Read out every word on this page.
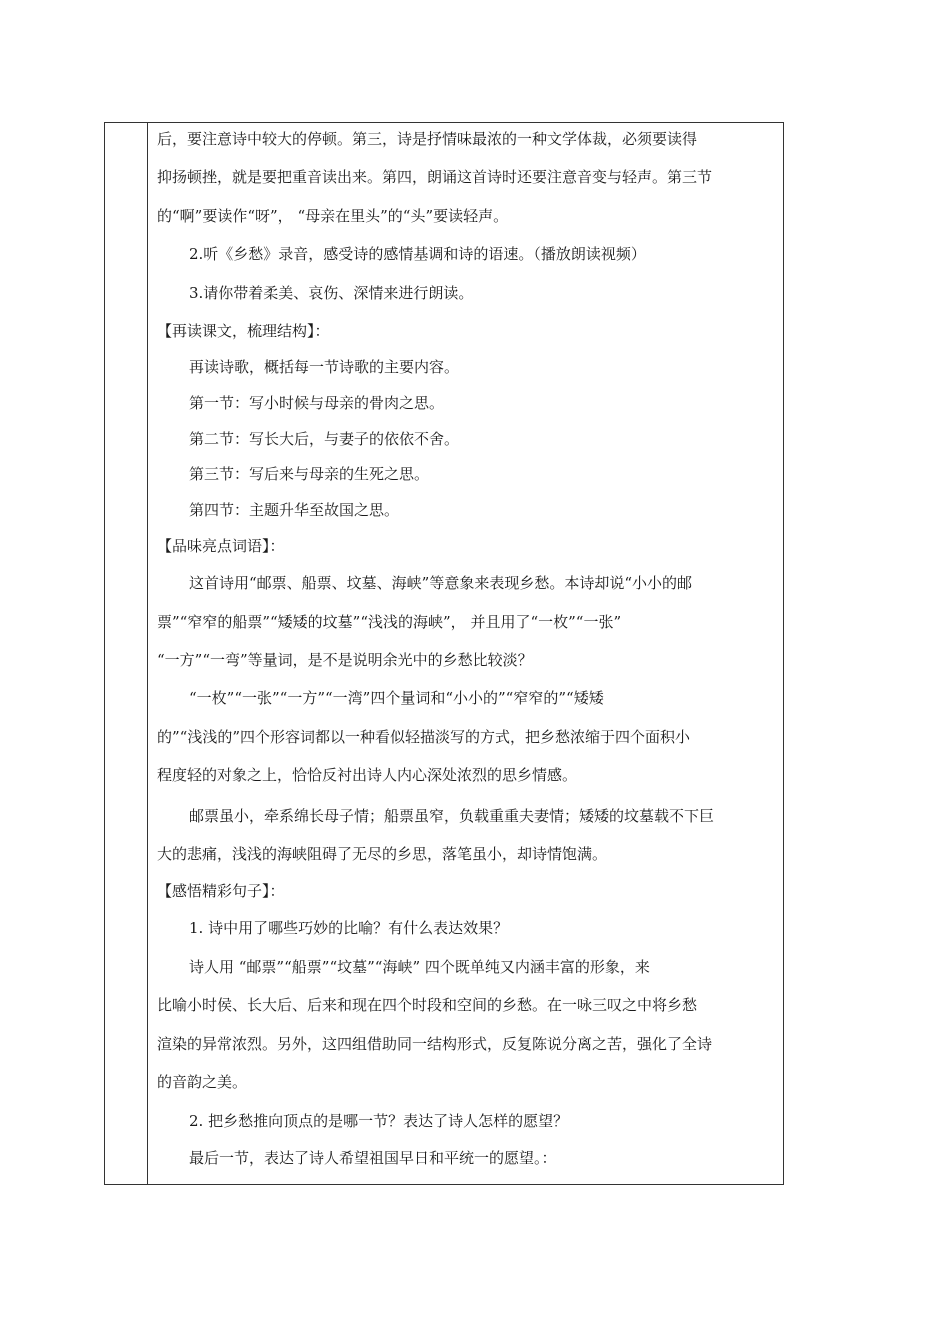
后，要注意诗中较大的停顿。第三，诗是抒情味最浓的一种文学体裁，必须要读得
抑扬顿挫，就是要把重音读出来。第四，朗诵这首诗时还要注意音变与轻声。第三节
的“啊”要读作“呀”， “母亲在里头”的“头”要读轻声。
2.听《乡愁》录音，感受诗的感情基调和诗的语速。（播放朗读视频）
3.请你带着柔美、哀伤、深情来进行朗读。
【再读课文，梳理结构】：
再读诗歌，概括每一节诗歌的主要内容。
第一节：写小时候与母亲的骨肉之思。
第二节：写长大后，与妻子的依依不舍。
第三节：写后来与母亲的生死之思。
第四节：主题升华至故国之思。
【品味亮点词语】：
这首诗用“邮票、船票、坟墓、海峡”等意象来表现乡愁。本诗却说“小小的邮
票”“窄窄的船票”“矮矮的坟墓”“浅浅的海峡”， 并且用了“一枚”“一张”
“一方”“一弯”等量词，是不是说明余光中的乡愁比较淡？
“一枚”“一张”“一方”“一湾”四个量词和“小小的”“窄窄的”“矮矮
的”“浅浅的”四个形容词都以一种看似轻描淡写的方式，把乡愁浓缩于四个面积小
程度轻的对象之上，恰恰反衬出诗人内心深处浓烈的思乡情感。
邮票虽小，牵系绵长母子情；船票虽窄，负载重重夫妻情；矮矮的坟墓载不下巨
大的悲痛，浅浅的海峡阻碍了无尽的乡思，落笔虽小，却诗情饱满。
【感悟精彩句子】：
1. 诗中用了哪些巧妙的比喻？有什么表达效果？
诗人用 “邮票”“船票”“坟墓”“海峡” 四个既单纯又内涵丰富的形象，来
比喻小时侯、长大后、后来和现在四个时段和空间的乡愁。在一咏三叹之中将乡愁
渲染的异常浓烈。另外，这四组借助同一结构形式，反复陈说分离之苦，强化了全诗
的音韵之美。
2. 把乡愁推向顶点的是哪一节？表达了诗人怎样的愿望？
最后一节，表达了诗人希望祖国早日和平统一的愿望。：
